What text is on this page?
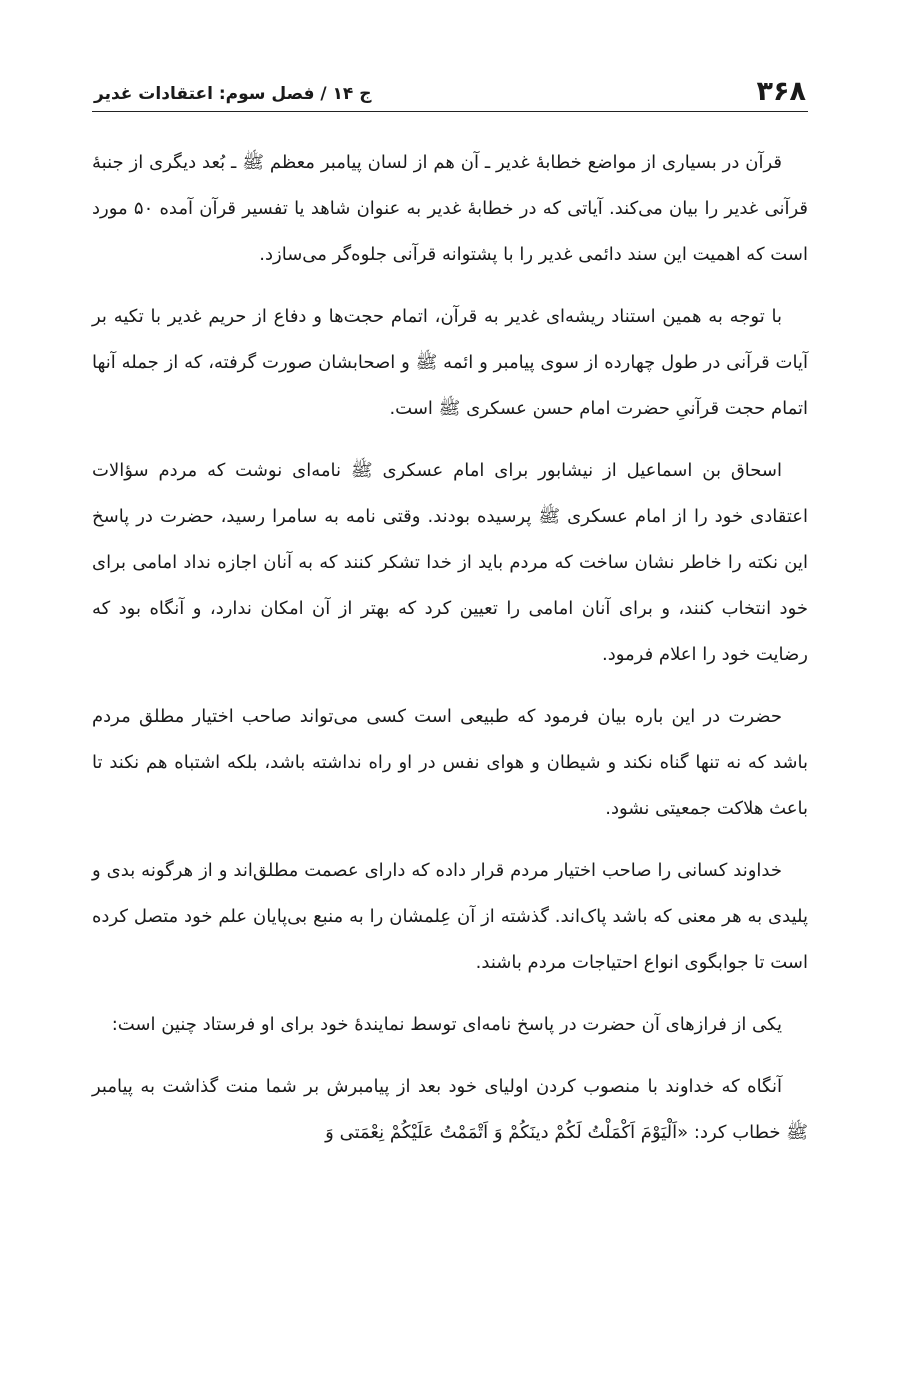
۳۶۸
ج ۱۴ / فصل سوم: اعتقادات غدیر

قرآن در بسیاری از مواضع خطابۀ غدیر ـ آن هم از لسان پیامبر معظم ﷺ ـ بُعد دیگری از جنبۀ قرآنی غدیر را بیان می‌کند. آیاتی که در خطابۀ غدیر به عنوان شاهد یا تفسیر قرآن آمده ۵۰ مورد است که اهمیت این سند دائمی غدیر را با پشتوانه قرآنی جلوه‌گر می‌سازد.

با توجه به همین استناد ریشه‌ای غدیر به قرآن، اتمام حجت‌ها و دفاع از حریم غدیر با تکیه بر آیات قرآنی در طول چهارده از سوی پیامبر و ائمه ﷺ و اصحابشان صورت گرفته، که از جمله آنها اتمام حجت قرآنیِ حضرت امام حسن عسکری ﷺ است.

اسحاق بن اسماعیل از نیشابور برای امام عسکری ﷺ نامه‌ای نوشت که مردم سؤالات اعتقادی خود را از امام عسکری ﷺ پرسیده بودند. وقتی نامه به سامرا رسید، حضرت در پاسخ این نکته را خاطر نشان ساخت که مردم باید از خدا تشکر کنند که به آنان اجازه نداد امامی برای خود انتخاب کنند، و برای آنان امامی را تعیین کرد که بهتر از آن امکان ندارد، و آنگاه بود که رضایت خود را اعلام فرمود.

حضرت در این باره بیان فرمود که طبیعی است کسی می‌تواند صاحب اختیار مطلق مردم باشد که نه تنها گناه نکند و شیطان و هوای نفس در او راه نداشته باشد، بلکه اشتباه هم نکند تا باعث هلاکت جمعیتی نشود.

خداوند کسانی را صاحب اختیار مردم قرار داده که دارای عصمت مطلق‌اند و از هرگونه بدی و پلیدی به هر معنی که باشد پاک‌اند. گذشته از آن عِلمشان را به منبع بی‌پایان علم خود متصل کرده است تا جوابگوی انواع احتیاجات مردم باشند.

یکی از فرازهای آن حضرت در پاسخ نامه‌ای توسط نمایندۀ خود برای او فرستاد چنین است:

آنگاه که خداوند با منصوب کردن اولیای خود بعد از پیامبرش بر شما منت گذاشت به پیامبر ﷺ خطاب کرد: «اَلْیَوْمَ اَکْمَلْتُ لَکُمْ دینَکُمْ وَ اَتْمَمْتُ عَلَیْکُمْ نِعْمَتی وَ
